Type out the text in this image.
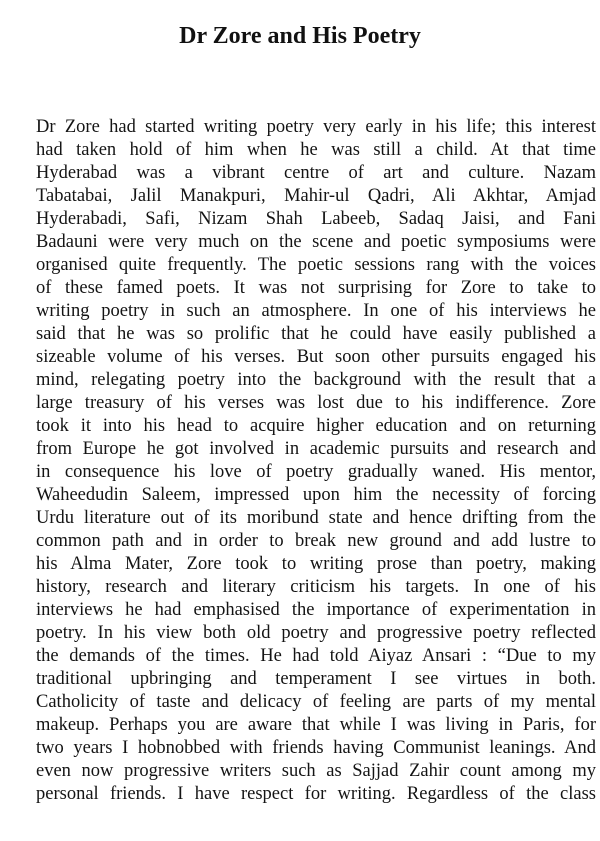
Dr Zore and His Poetry
Dr Zore had started writing poetry very early in his life; this interest
had taken hold of him when he was still a child. At that time
Hyderabad was a vibrant centre of art and culture. Nazam
Tabatabai, Jalil Manakpuri, Mahir-ul Qadri, Ali Akhtar, Amjad
Hyderabadi, Safi, Nizam Shah Labeeb, Sadaq Jaisi, and Fani
Badauni were very much on the scene and poetic symposiums were
organised quite frequently. The poetic sessions rang with the voices
of these famed poets. It was not surprising for Zore to take to
writing poetry in such an atmosphere. In one of his interviews he
said that he was so prolific that he could have easily published a
sizeable volume of his verses. But soon other pursuits engaged his
mind, relegating poetry into the background with the result that a
large treasury of his verses was lost due to his indifference. Zore
took it into his head to acquire higher education and on returning
from Europe he got involved in academic pursuits and research and
in consequence his love of poetry gradually waned. His mentor,
Waheedudin Saleem, impressed upon him the necessity of forcing
Urdu literature out of its moribund state and hence drifting from the
common path and in order to break new ground and add lustre to
his Alma Mater, Zore took to writing prose than poetry, making
history, research and literary criticism his targets. In one of his
interviews he had emphasised the importance of experimentation in
poetry. In his view both old poetry and progressive poetry reflected
the demands of the times. He had told Aiyaz Ansari : “Due to my
traditional upbringing and temperament I see virtues in both.
Catholicity of taste and delicacy of feeling are parts of my mental
makeup. Perhaps you are aware that while I was living in Paris, for
two years I hobnobbed with friends having Communist leanings. And
even now progressive writers such as Sajjad Zahir count among my
personal friends. I have respect for writing. Regardless of the class
